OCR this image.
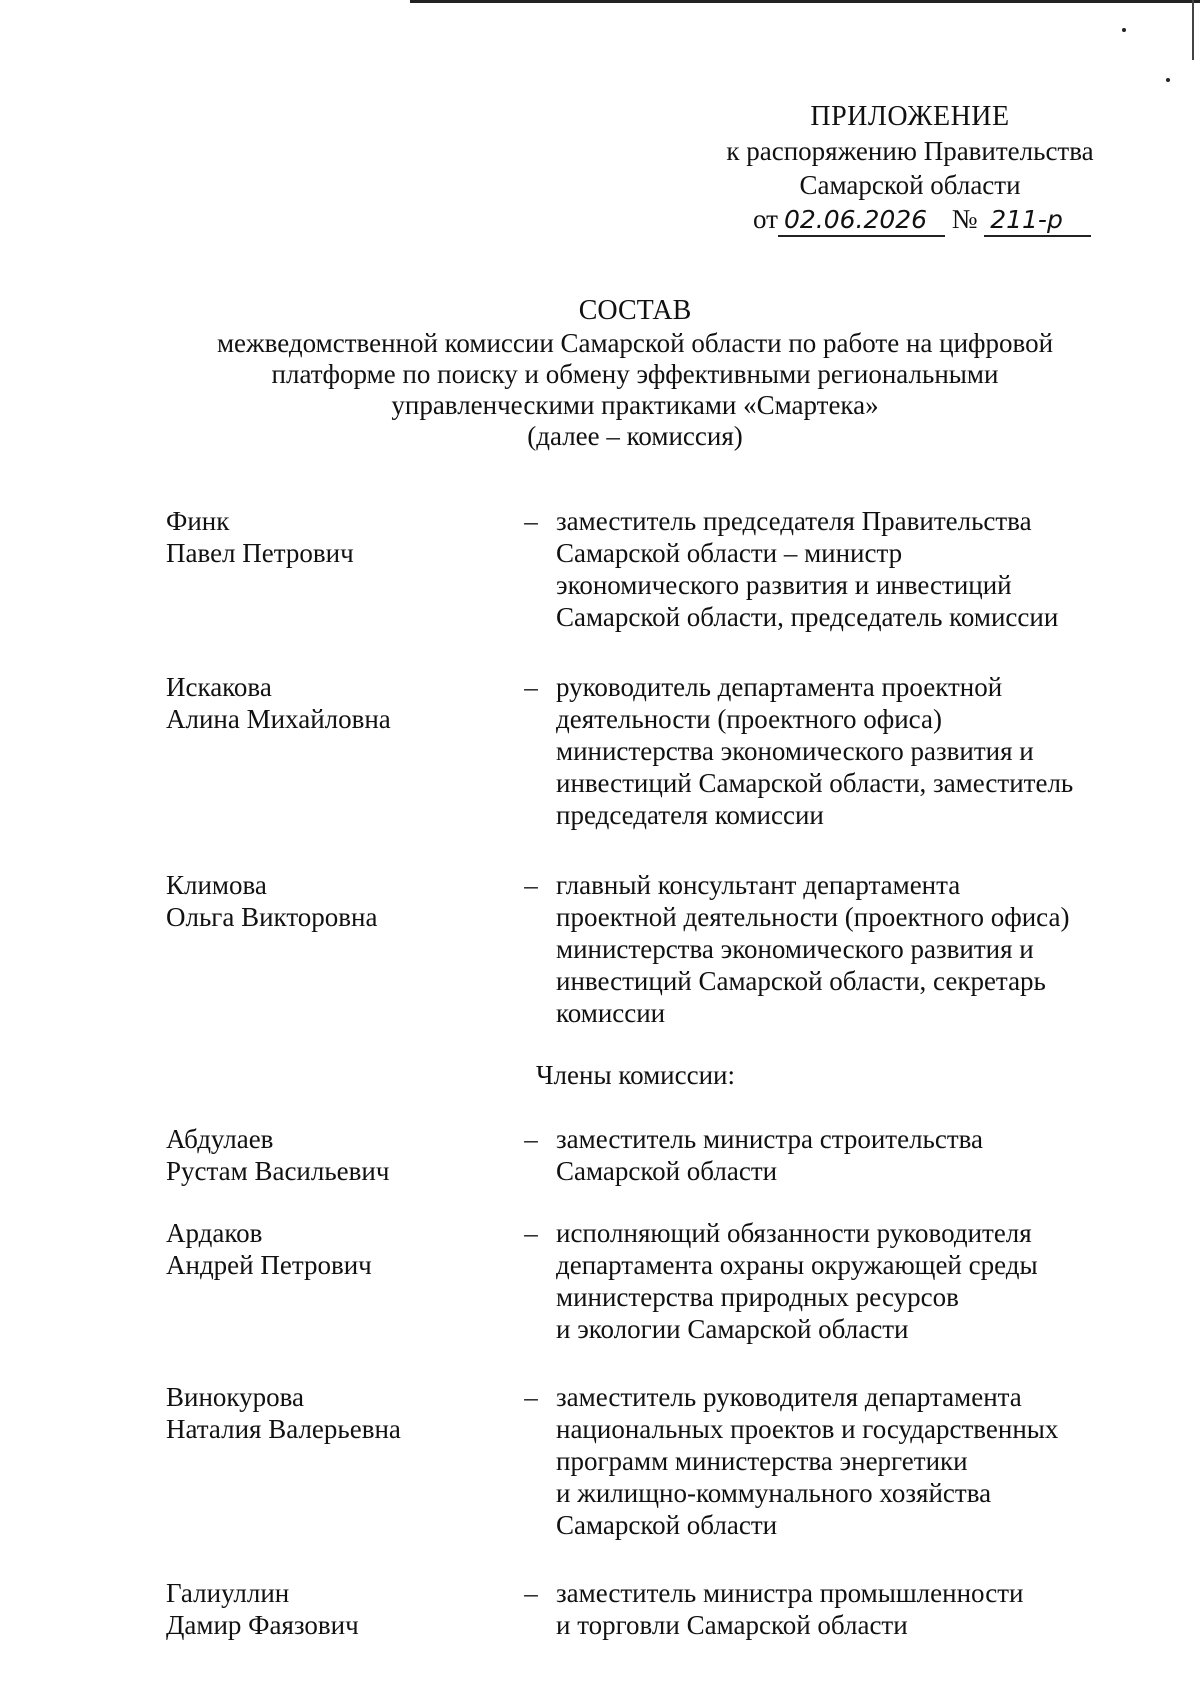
ПРИЛОЖЕНИЕ
к распоряжению Правительства
Самарской области
от 02.06.2026 № 211-р
СОСТАВ
межведомственной комиссии Самарской области по работе на цифровой
платформе по поиску и обмену эффективными региональными
управленческими практиками «Смартека»
(далее – комиссия)
Финк
Павел Петрович
– заместитель председателя Правительства
Самарской области – министр
экономического развития и инвестиций
Самарской области, председатель комиссии
Искакова
Алина Михайловна
– руководитель департамента проектной
деятельности (проектного офиса)
министерства экономического развития и
инвестиций Самарской области, заместитель
председателя комиссии
Климова
Ольга Викторовна
– главный консультант департамента
проектной деятельности (проектного офиса)
министерства экономического развития и
инвестиций Самарской области, секретарь
комиссии
Члены комиссии:
Абдулаев
Рустам Васильевич
– заместитель министра строительства
Самарской области
Ардаков
Андрей Петрович
– исполняющий обязанности руководителя
департамента охраны окружающей среды
министерства природных ресурсов
и экологии Самарской области
Винокурова
Наталия Валерьевна
– заместитель руководителя департамента
национальных проектов и государственных
программ министерства энергетики
и жилищно-коммунального хозяйства
Самарской области
Галиуллин
Дамир Фаязович
– заместитель министра промышленности
и торговли Самарской области
